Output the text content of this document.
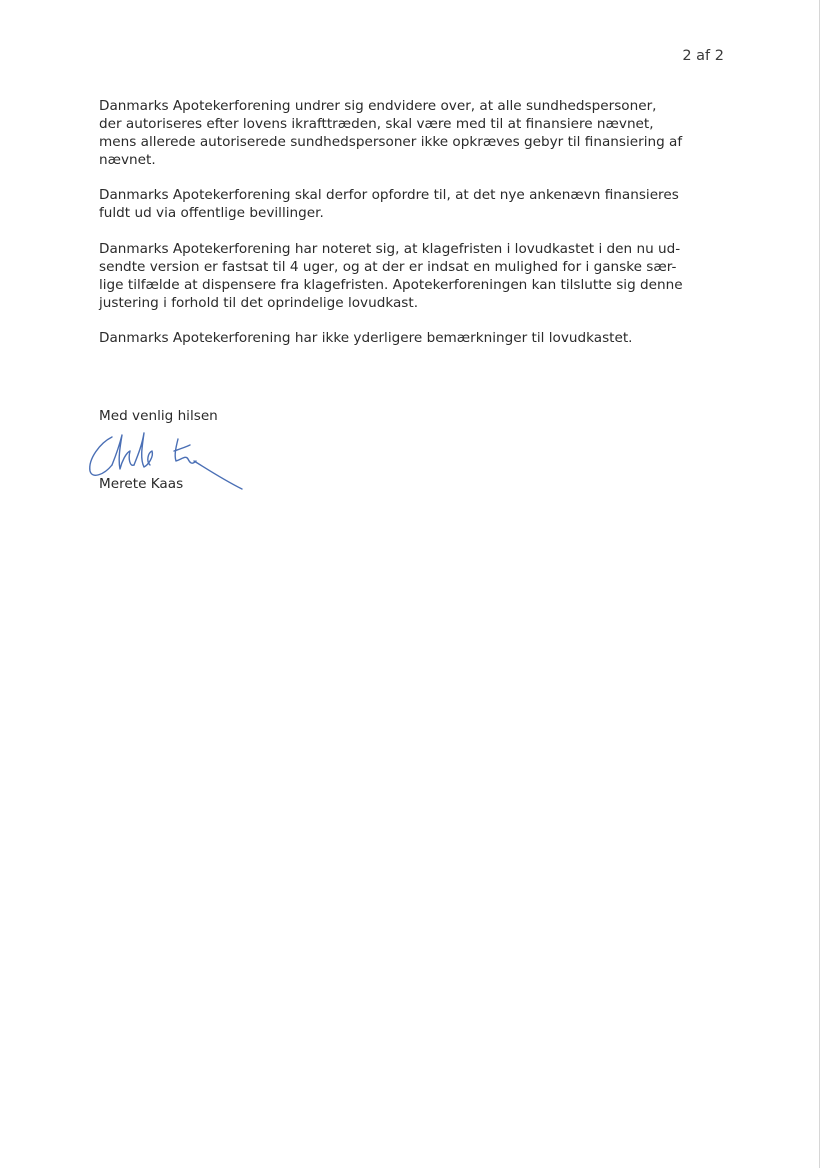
2 af 2

Danmarks Apotekerforening undrer sig endvidere over, at alle sundhedspersoner,
der autoriseres efter lovens ikrafttræden, skal være med til at finansiere nævnet,
mens allerede autoriserede sundhedspersoner ikke opkræves gebyr til finansiering af
nævnet.

Danmarks Apotekerforening skal derfor opfordre til, at det nye ankenævn finansieres
fuldt ud via offentlige bevillinger.

Danmarks Apotekerforening har noteret sig, at klagefristen i lovudkastet i den nu ud-
sendte version er fastsat til 4 uger, og at der er indsat en mulighed for i ganske sær-
lige tilfælde at dispensere fra klagefristen. Apotekerforeningen kan tilslutte sig denne
justering i forhold til det oprindelige lovudkast.

Danmarks Apotekerforening har ikke yderligere bemærkninger til lovudkastet.

Med venlig hilsen
Merete Kaas
